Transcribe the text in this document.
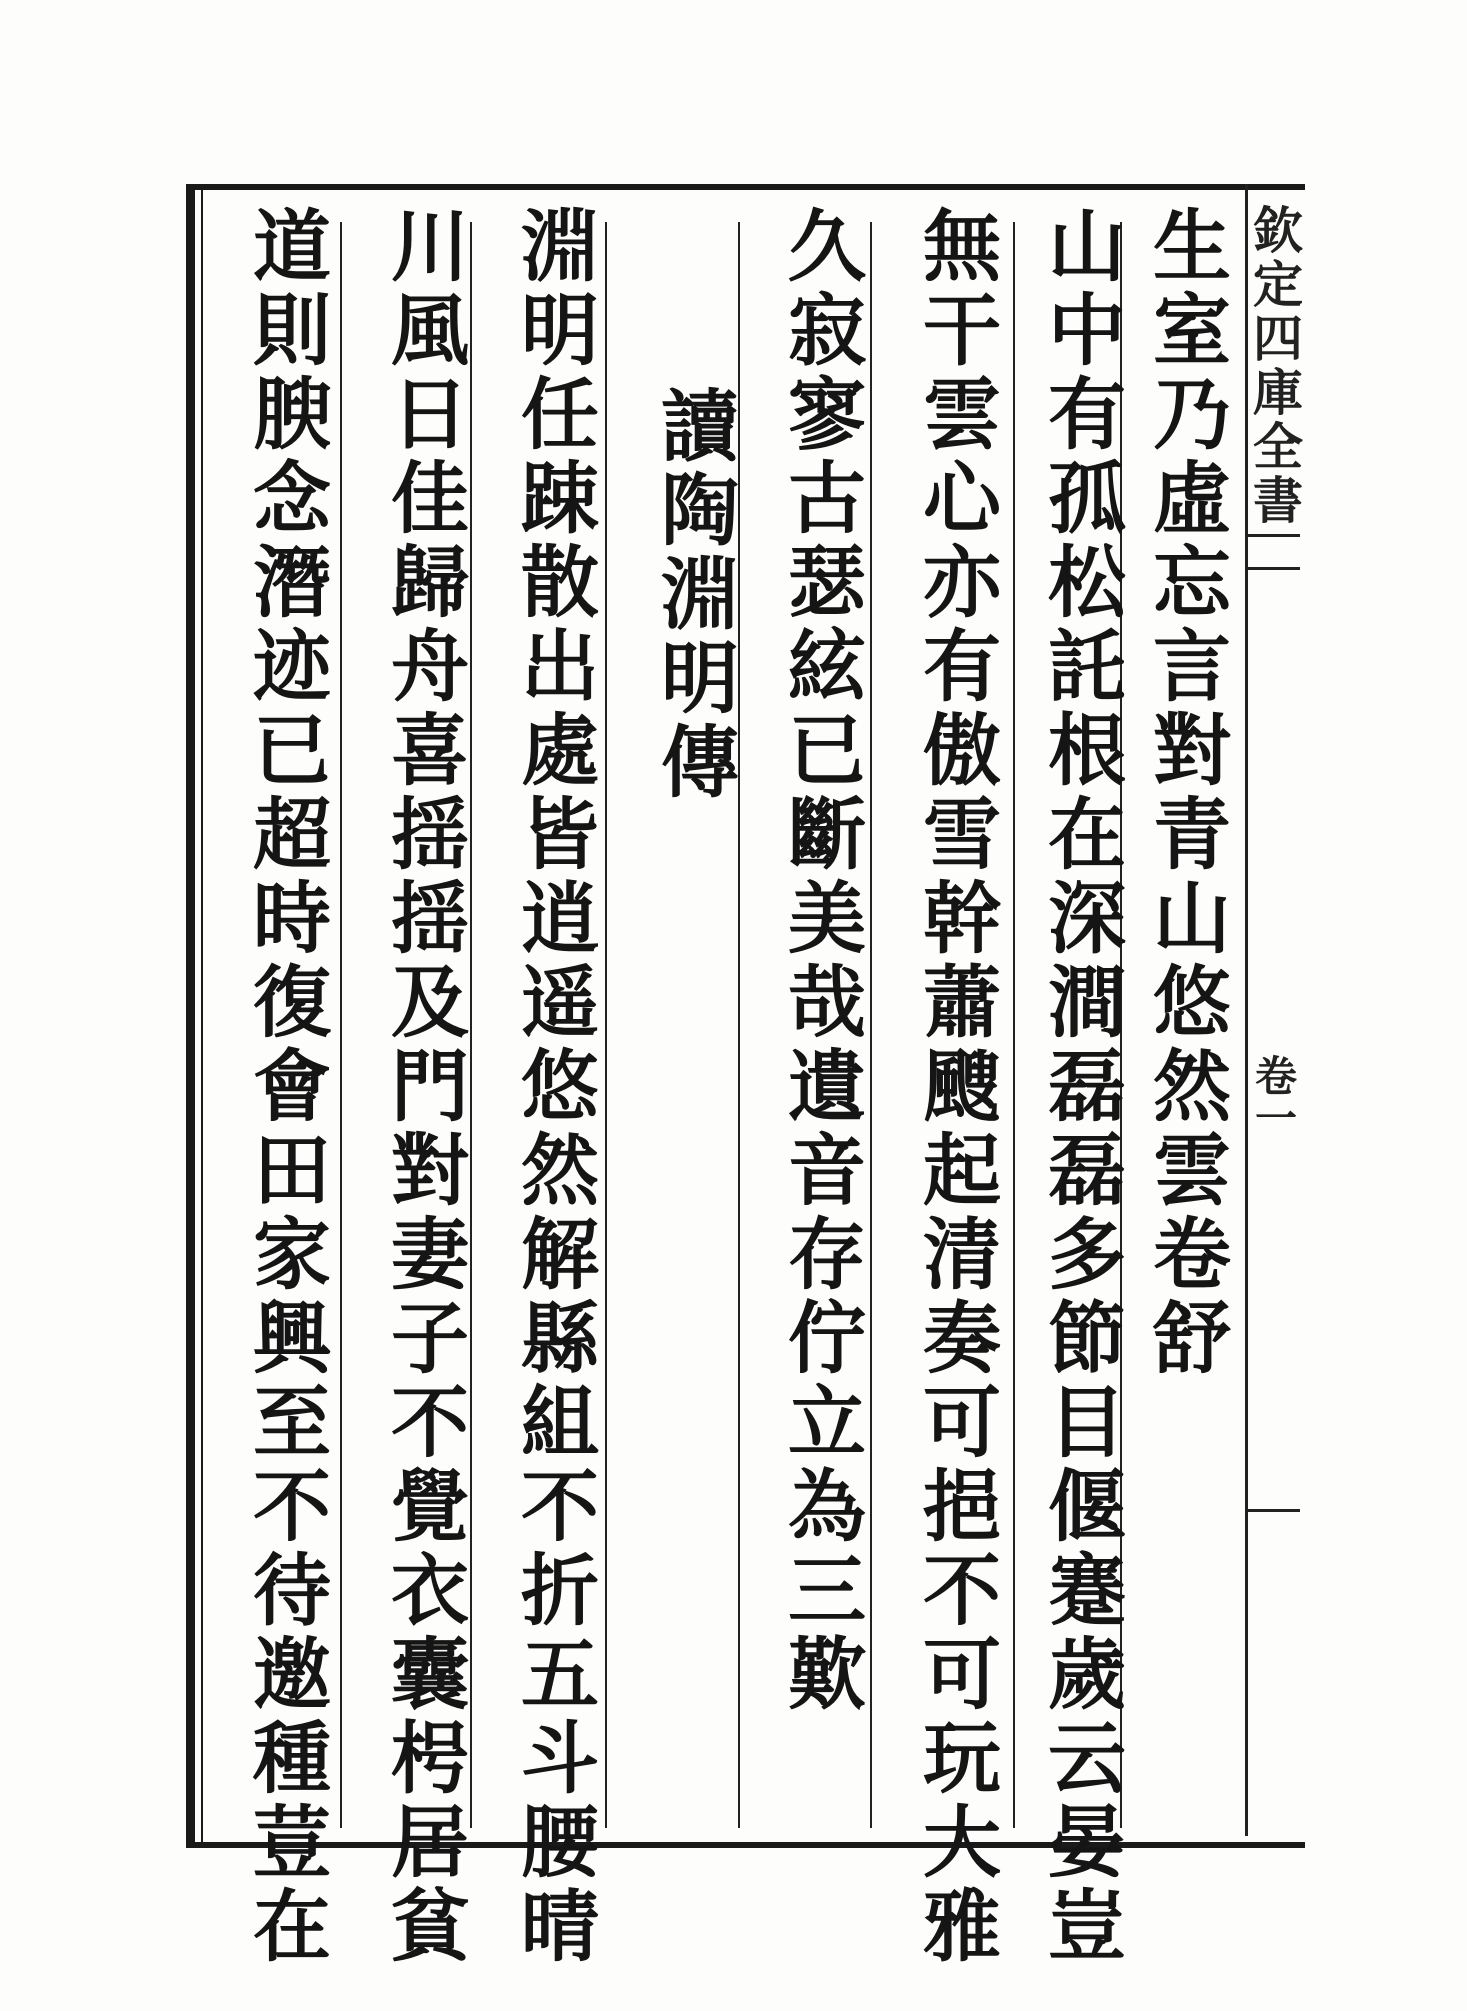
欽定四庫全書
卷一
生室乃虛忘言對青山悠然雲卷舒
山中有孤松託根在深澗磊磊多節目偃蹇歲云晏豈
無干雲心亦有傲雪幹蕭颼起清奏可挹不可玩大雅
久寂寥古瑟絃已斷美哉遺音存佇立為三歎
讀陶淵明傳
淵明任踈散出處皆逍遥悠然解縣組不折五斗腰晴
川風日佳歸舟喜揺揺及門對妻子不覺衣囊枵居貧
道則腴念潛迹已超時復會田家興至不待邀種荳在
